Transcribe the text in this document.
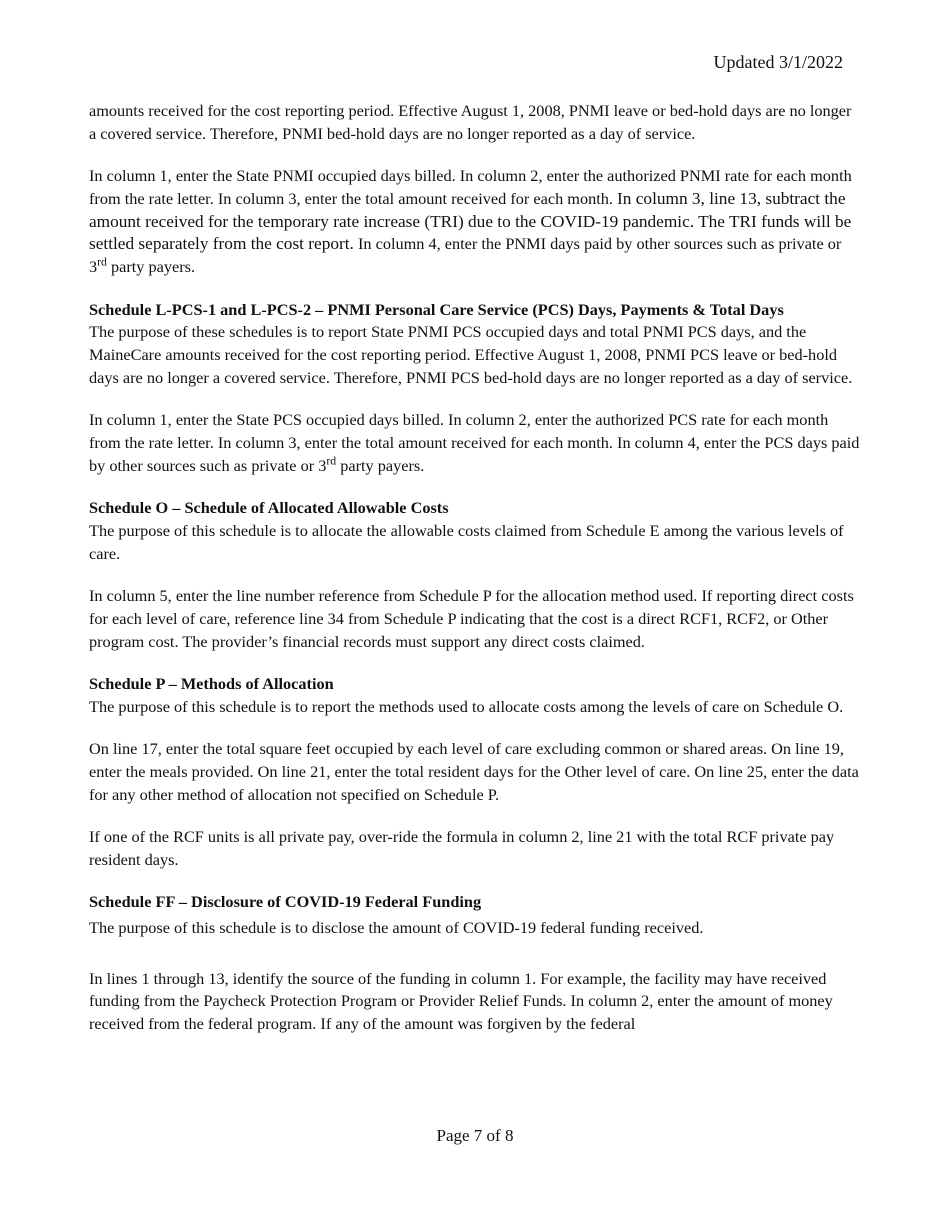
Updated 3/1/2022

amounts received for the cost reporting period. Effective August 1, 2008, PNMI leave or bed-hold days are no longer a covered service. Therefore, PNMI bed-hold days are no longer reported as a day of service.

In column 1, enter the State PNMI occupied days billed. In column 2, enter the authorized PNMI rate for each month from the rate letter. In column 3, enter the total amount received for each month. In column 3, line 13, subtract the amount received for the temporary rate increase (TRI) due to the COVID-19 pandemic. The TRI funds will be settled separately from the cost report. In column 4, enter the PNMI days paid by other sources such as private or 3rd party payers.

Schedule L-PCS-1 and L-PCS-2 – PNMI Personal Care Service (PCS) Days, Payments & Total Days
The purpose of these schedules is to report State PNMI PCS occupied days and total PNMI PCS days, and the MaineCare amounts received for the cost reporting period. Effective August 1, 2008, PNMI PCS leave or bed-hold days are no longer a covered service. Therefore, PNMI PCS bed-hold days are no longer reported as a day of service.

In column 1, enter the State PCS occupied days billed. In column 2, enter the authorized PCS rate for each month from the rate letter. In column 3, enter the total amount received for each month. In column 4, enter the PCS days paid by other sources such as private or 3rd party payers.

Schedule O – Schedule of Allocated Allowable Costs
The purpose of this schedule is to allocate the allowable costs claimed from Schedule E among the various levels of care.

In column 5, enter the line number reference from Schedule P for the allocation method used. If reporting direct costs for each level of care, reference line 34 from Schedule P indicating that the cost is a direct RCF1, RCF2, or Other program cost. The provider’s financial records must support any direct costs claimed.

Schedule P – Methods of Allocation
The purpose of this schedule is to report the methods used to allocate costs among the levels of care on Schedule O.

On line 17, enter the total square feet occupied by each level of care excluding common or shared areas. On line 19, enter the meals provided. On line 21, enter the total resident days for the Other level of care. On line 25, enter the data for any other method of allocation not specified on Schedule P.

If one of the RCF units is all private pay, over-ride the formula in column 2, line 21 with the total RCF private pay resident days.

Schedule FF – Disclosure of COVID-19 Federal Funding

The purpose of this schedule is to disclose the amount of COVID-19 federal funding received.

In lines 1 through 13, identify the source of the funding in column 1. For example, the facility may have received funding from the Paycheck Protection Program or Provider Relief Funds. In column 2, enter the amount of money received from the federal program. If any of the amount was forgiven by the federal

Page 7 of 8
